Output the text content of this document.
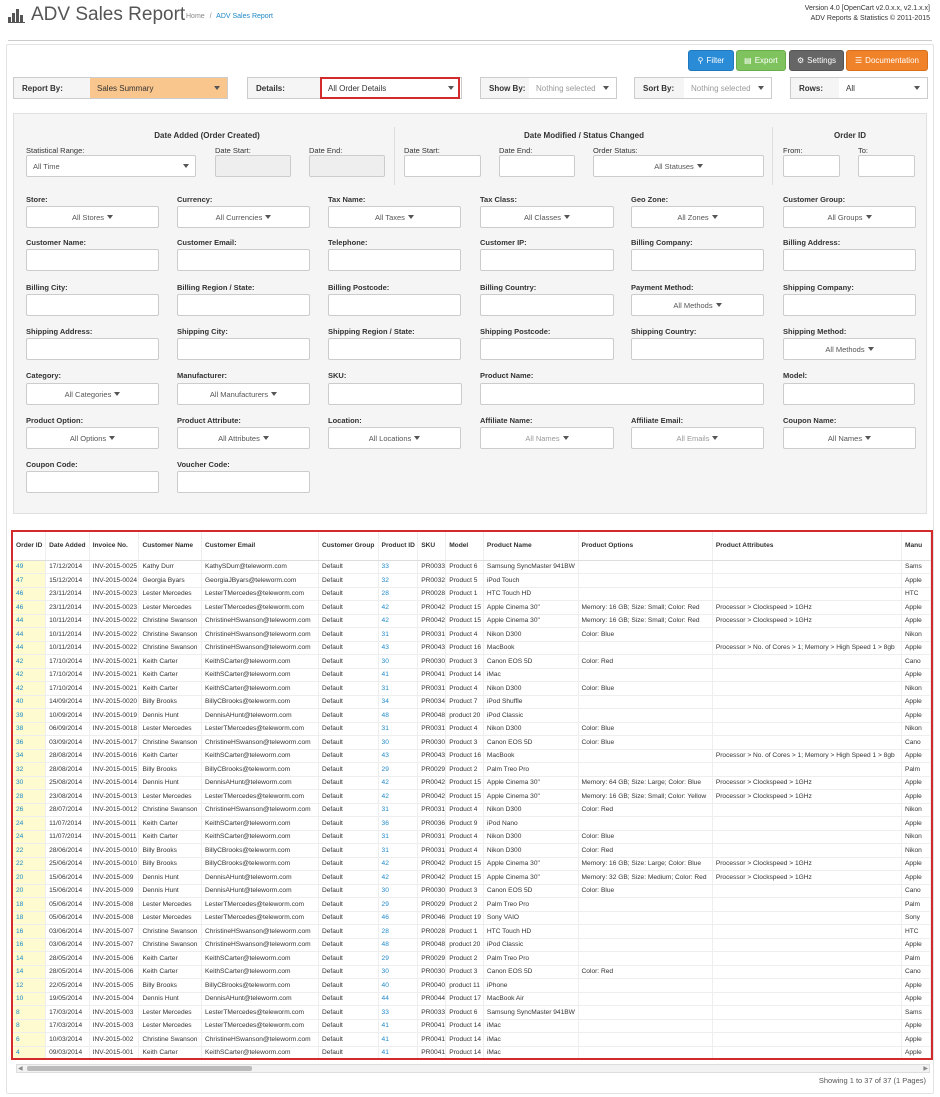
ADV Sales Report Home / ADV Sales Report
Version 4.0 [OpenCart v2.0.x.x, v2.1.x.x]
ADV Reports & Statistics © 2011-2015
⚲ Filter ▤ Export ⚙ Settings ☰ Documentation
Report By:	Sales Summary	Details:	All Order Details	Show By:	Nothing selected	Sort By:	Nothing selected	Rows:	All
Date Added (Order Created)	Date Modified / Status Changed	Order ID
Statistical Range:
All Time
Date Start:	Date End:	Date Start:	Date End:	Order Status:
All Statuses
From:	To:
Store:
All Stores
Currency:
All Currencies
Tax Name:
All Taxes
Tax Class:
All Classes
Geo Zone:
All Zones
Customer Group:
All Groups
Customer Name:	Customer Email:	Telephone:	Customer IP:	Billing Company:	Billing Address:
Billing City:	Billing Region / State:	Billing Postcode:	Billing Country:	Payment Method:
All Methods
Shipping Company:
Shipping Address:	Shipping City:	Shipping Region / State:	Shipping Postcode:	Shipping Country:	Shipping Method:
All Methods
Product Option:
All Options
Product Attribute:
All Attributes
Location:
All Locations
Affiliate Name:
All Names
Affiliate Email:
All Emails
Coupon Name:
All Names
Category:
All Categories
Manufacturer:
All Manufacturers
SKU:	Product Name:	Model:
Coupon Code:	Voucher Code:
Order ID	Date Added	Invoice No.	Customer Name	Customer Email	Customer Group	Product ID	SKU	Model	Product Name	Product Options	Product Attributes	Manu
49	17/12/2014	INV-2015-0025	Kathy Durr	KathySDurr@teleworm.com	Default	33	PR0033	Product 6	Samsung SyncMaster 941BW			Sams
47	15/12/2014	INV-2015-0024	Georgia Byars	GeorgiaJByars@teleworm.com	Default	32	PR0032	Product 5	iPod Touch			Apple
46	23/11/2014	INV-2015-0023	Lester Mercedes	LesterTMercedes@teleworm.com	Default	28	PR0028	Product 1	HTC Touch HD			HTC
46	23/11/2014	INV-2015-0023	Lester Mercedes	LesterTMercedes@teleworm.com	Default	42	PR0042	Product 15	Apple Cinema 30"	Memory: 16 GB; Size: Small; Color: Red	Processor > Clockspeed > 1GHz	Apple
44	10/11/2014	INV-2015-0022	Christine Swanson	ChristineHSwanson@teleworm.com	Default	42	PR0042	Product 15	Apple Cinema 30"	Memory: 16 GB; Size: Small; Color: Red	Processor > Clockspeed > 1GHz	Apple
44	10/11/2014	INV-2015-0022	Christine Swanson	ChristineHSwanson@teleworm.com	Default	31	PR0031	Product 4	Nikon D300	Color: Blue		Nikon
44	10/11/2014	INV-2015-0022	Christine Swanson	ChristineHSwanson@teleworm.com	Default	43	PR0043	Product 16	MacBook		Processor > No. of Cores > 1; Memory > High Speed 1 > 8gb	Apple
42	17/10/2014	INV-2015-0021	Keith Carter	KeithSCarter@teleworm.com	Default	30	PR0030	Product 3	Canon EOS 5D	Color: Red		Cano
42	17/10/2014	INV-2015-0021	Keith Carter	KeithSCarter@teleworm.com	Default	41	PR0041	Product 14	iMac			Apple
42	17/10/2014	INV-2015-0021	Keith Carter	KeithSCarter@teleworm.com	Default	31	PR0031	Product 4	Nikon D300	Color: Blue		Nikon
40	14/09/2014	INV-2015-0020	Billy Brooks	BillyCBrooks@teleworm.com	Default	34	PR0034	Product 7	iPod Shuffle			Apple
39	10/09/2014	INV-2015-0019	Dennis Hunt	DennisAHunt@teleworm.com	Default	48	PR0048	product 20	iPod Classic			Apple
38	06/09/2014	INV-2015-0018	Lester Mercedes	LesterTMercedes@teleworm.com	Default	31	PR0031	Product 4	Nikon D300	Color: Blue		Nikon
36	03/09/2014	INV-2015-0017	Christine Swanson	ChristineHSwanson@teleworm.com	Default	30	PR0030	Product 3	Canon EOS 5D	Color: Blue		Cano
34	28/08/2014	INV-2015-0016	Keith Carter	KeithSCarter@teleworm.com	Default	43	PR0043	Product 16	MacBook		Processor > No. of Cores > 1; Memory > High Speed 1 > 8gb	Apple
32	28/08/2014	INV-2015-0015	Billy Brooks	BillyCBrooks@teleworm.com	Default	29	PR0029	Product 2	Palm Treo Pro			Palm
30	25/08/2014	INV-2015-0014	Dennis Hunt	DennisAHunt@teleworm.com	Default	42	PR0042	Product 15	Apple Cinema 30"	Memory: 64 GB; Size: Large; Color: Blue	Processor > Clockspeed > 1GHz	Apple
28	23/08/2014	INV-2015-0013	Lester Mercedes	LesterTMercedes@teleworm.com	Default	42	PR0042	Product 15	Apple Cinema 30"	Memory: 16 GB; Size: Small; Color: Yellow	Processor > Clockspeed > 1GHz	Apple
26	28/07/2014	INV-2015-0012	Christine Swanson	ChristineHSwanson@teleworm.com	Default	31	PR0031	Product 4	Nikon D300	Color: Red		Nikon
24	11/07/2014	INV-2015-0011	Keith Carter	KeithSCarter@teleworm.com	Default	36	PR0036	Product 9	iPod Nano			Apple
24	11/07/2014	INV-2015-0011	Keith Carter	KeithSCarter@teleworm.com	Default	31	PR0031	Product 4	Nikon D300	Color: Blue		Nikon
22	28/06/2014	INV-2015-0010	Billy Brooks	BillyCBrooks@teleworm.com	Default	31	PR0031	Product 4	Nikon D300	Color: Red		Nikon
22	25/06/2014	INV-2015-0010	Billy Brooks	BillyCBrooks@teleworm.com	Default	42	PR0042	Product 15	Apple Cinema 30"	Memory: 16 GB; Size: Large; Color: Blue	Processor > Clockspeed > 1GHz	Apple
20	15/06/2014	INV-2015-009	Dennis Hunt	DennisAHunt@teleworm.com	Default	42	PR0042	Product 15	Apple Cinema 30"	Memory: 32 GB; Size: Medium; Color: Red	Processor > Clockspeed > 1GHz	Apple
20	15/06/2014	INV-2015-009	Dennis Hunt	DennisAHunt@teleworm.com	Default	30	PR0030	Product 3	Canon EOS 5D	Color: Blue		Cano
18	05/06/2014	INV-2015-008	Lester Mercedes	LesterTMercedes@teleworm.com	Default	29	PR0029	Product 2	Palm Treo Pro			Palm
18	05/06/2014	INV-2015-008	Lester Mercedes	LesterTMercedes@teleworm.com	Default	46	PR0046	Product 19	Sony VAIO			Sony
16	03/06/2014	INV-2015-007	Christine Swanson	ChristineHSwanson@teleworm.com	Default	28	PR0028	Product 1	HTC Touch HD			HTC
16	03/06/2014	INV-2015-007	Christine Swanson	ChristineHSwanson@teleworm.com	Default	48	PR0048	product 20	iPod Classic			Apple
14	28/05/2014	INV-2015-006	Keith Carter	KeithSCarter@teleworm.com	Default	29	PR0029	Product 2	Palm Treo Pro			Palm
14	28/05/2014	INV-2015-006	Keith Carter	KeithSCarter@teleworm.com	Default	30	PR0030	Product 3	Canon EOS 5D	Color: Red		Cano
12	22/05/2014	INV-2015-005	Billy Brooks	BillyCBrooks@teleworm.com	Default	40	PR0040	product 11	iPhone			Apple
10	19/05/2014	INV-2015-004	Dennis Hunt	DennisAHunt@teleworm.com	Default	44	PR0044	Product 17	MacBook Air			Apple
8	17/03/2014	INV-2015-003	Lester Mercedes	LesterTMercedes@teleworm.com	Default	33	PR0033	Product 6	Samsung SyncMaster 941BW			Sams
8	17/03/2014	INV-2015-003	Lester Mercedes	LesterTMercedes@teleworm.com	Default	41	PR0041	Product 14	iMac			Apple
6	10/03/2014	INV-2015-002	Christine Swanson	ChristineHSwanson@teleworm.com	Default	41	PR0041	Product 14	iMac			Apple
4	09/03/2014	INV-2015-001	Keith Carter	KeithSCarter@teleworm.com	Default	41	PR0041	Product 14	iMac			Apple
◀	▶
Showing 1 to 37 of 37 (1 Pages)
